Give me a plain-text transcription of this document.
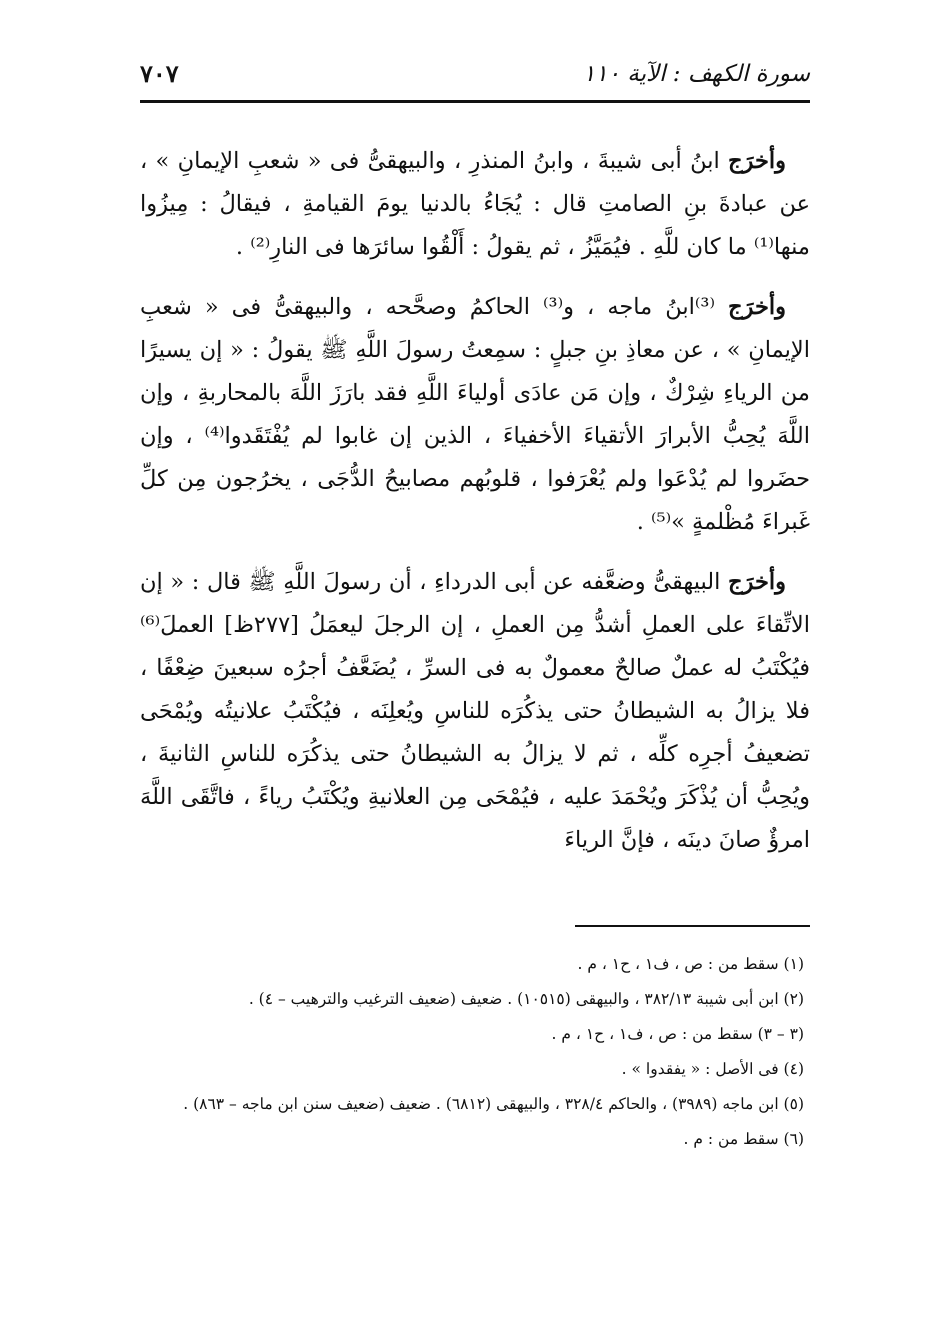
سورة الكهف : الآية ١١٠
٧٠٧

وأخرَج ابنُ أبى شيبةَ ، وابنُ المنذرِ ، والبيهقىُّ فى « شعبِ الإيمانِ » ، عن عبادةَ بنِ الصامتِ قال : يُجَاءُ بالدنيا يومَ القيامةِ ، فيقالُ : مِيزُوا منها⁽¹⁾ ما كان للَّهِ . فيُمَيَّزُ ، ثم يقولُ : أَلْقُوا سائرَها فى النارِ⁽²⁾ .

وأخرَج ⁽³⁾ابنُ ماجه ، و⁽³⁾ الحاكمُ وصحَّحه ، والبيهقىُّ فى « شعبِ الإيمانِ » ، عن معاذِ بنِ جبلٍ : سمِعتُ رسولَ اللَّهِ ﷺ يقولُ : « إن يسيرًا من الرياءِ شِرْكٌ ، وإن مَن عادَى أولياءَ اللَّهِ فقد بارَزَ اللَّهَ بالمحاربةِ ، وإن اللَّهَ يُحِبُّ الأبرارَ الأتقياءَ الأخفياءَ ، الذين إن غابوا لم يُفْتَقَدوا⁽⁴⁾ ، وإن حضَروا لم يُدْعَوا ولم يُعْرَفوا ، قلوبُهم مصابيحُ الدُّجَى ، يخرُجون مِن كلِّ غَبراءَ مُظْلمةٍ »⁽⁵⁾ .

وأخرَج البيهقىُّ وضعَّفه عن أبى الدرداءِ ، أن رسولَ اللَّهِ ﷺ قال : « إن الاتِّقاءَ على العملِ أشدُّ مِن العملِ ، إن الرجلَ ليعمَلُ [٢٧٧ظ] العملَ⁽⁶⁾ فيُكْتَبُ له عملٌ صالحٌ معمولٌ به فى السرِّ ، يُضَعَّفُ أجرُه سبعينَ ضِعْفًا ، فلا يزالُ به الشيطانُ حتى يذكُرَه للناسِ ويُعلِنَه ، فيُكْتَبُ علانيتُه ويُمْحَى تضعيفُ أجرِه كلِّه ، ثم لا يزالُ به الشيطانُ حتى يذكُرَه للناسِ الثانيةَ ، ويُحِبُّ أن يُذْكَرَ ويُحْمَدَ عليه ، فيُمْحَى مِن العلانيةِ ويُكْتَبُ رياءً ، فاتَّقَى اللَّهَ امرؤٌ صانَ دينَه ، فإنَّ الرياءَ

(١) سقط من : ص ، ف١ ، ح١ ، م .

(٢) ابن أبى شيبة ٣٨٢/١٣ ، والبيهقى (١٠٥١٥) . ضعيف (ضعيف الترغيب والترهيب – ٤) .

(٣ – ٣) سقط من : ص ، ف١ ، ح١ ، م .

(٤) فى الأصل : « يفقدوا » .

(٥) ابن ماجه (٣٩٨٩) ، والحاكم ٣٢٨/٤ ، والبيهقى (٦٨١٢) . ضعيف (ضعيف سنن ابن ماجه – ٨٦٣) .

(٦) سقط من : م .
